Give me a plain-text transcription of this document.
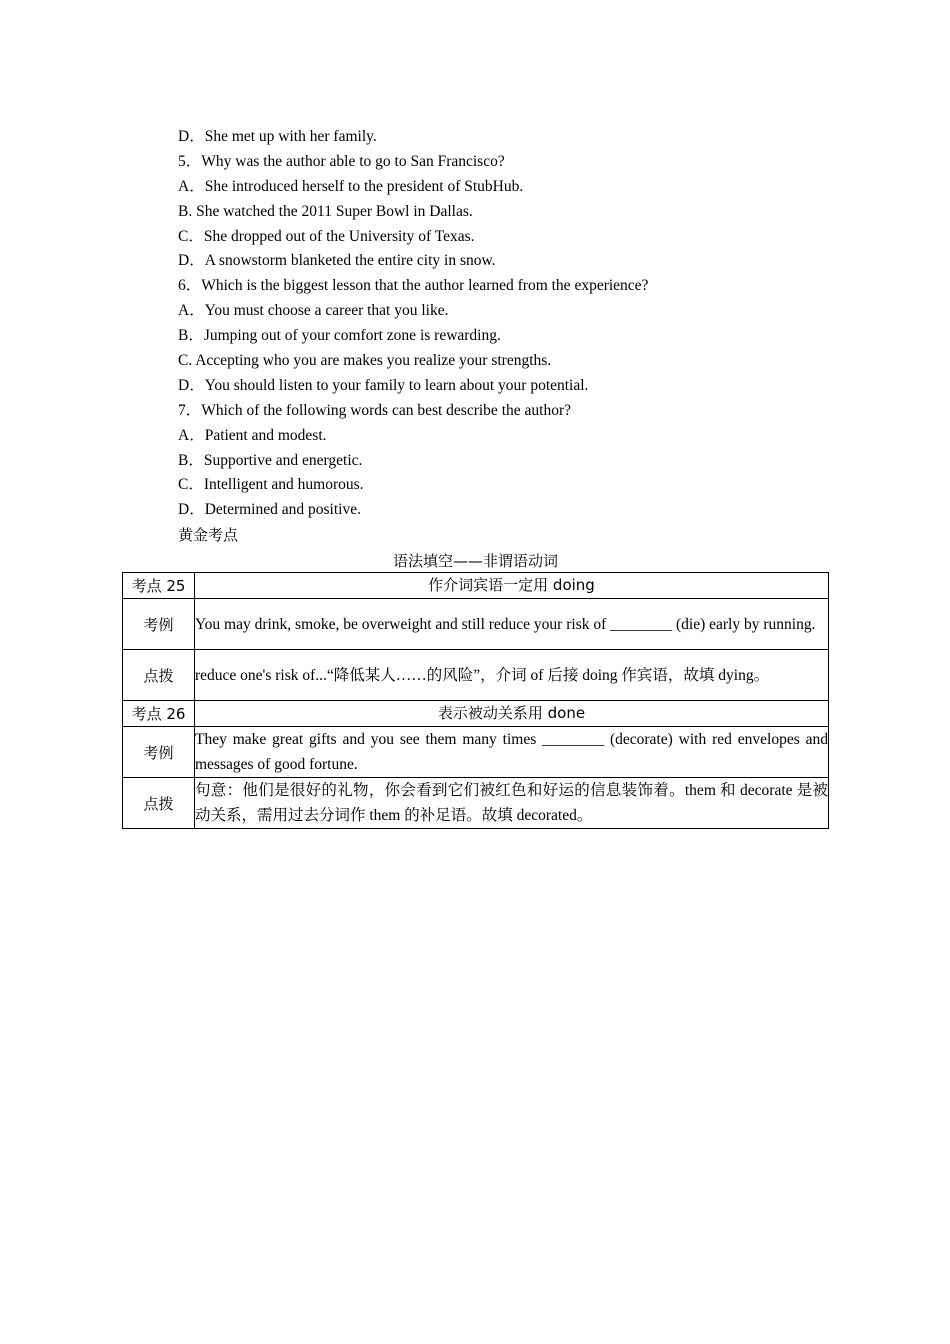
D．She met up with her family.
5．Why was the author able to go to San Francisco?
A．She introduced herself to the president of StubHub.
B. She watched the 2011 Super Bowl in Dallas.
C．She dropped out of the University of Texas.
D．A snowstorm blanketed the entire city in snow.
6．Which is the biggest lesson that the author learned from the experience?
A．You must choose a career that you like.
B．Jumping out of your comfort zone is rewarding.
C. Accepting who you are makes you realize your strengths.
D．You should listen to your family to learn about your potential.
7．Which of the following words can best describe the author?
A．Patient and modest.
B．Supportive and energetic.
C．Intelligent and humorous.
D．Determined and positive.
黄金考点
语法填空——非谓语动词
考点 25	作介词宾语一定用 doing
考例	You may drink, smoke, be overweight and still reduce your risk of ________ (die) early by running.

点拨	reduce one's risk of...“降低某人……的风险”，介词 of 后接 doing 作宾语，故填 dying。

考点 26	表示被动关系用 done
考例	They make great gifts and you see them many times ________ (decorate) with red envelopes and messages of good fortune.

点拨	句意：他们是很好的礼物，你会看到它们被红色和好运的信息装饰着。them 和 decorate 是被动关系，需用过去分词作 them 的补足语。故填 decorated。
